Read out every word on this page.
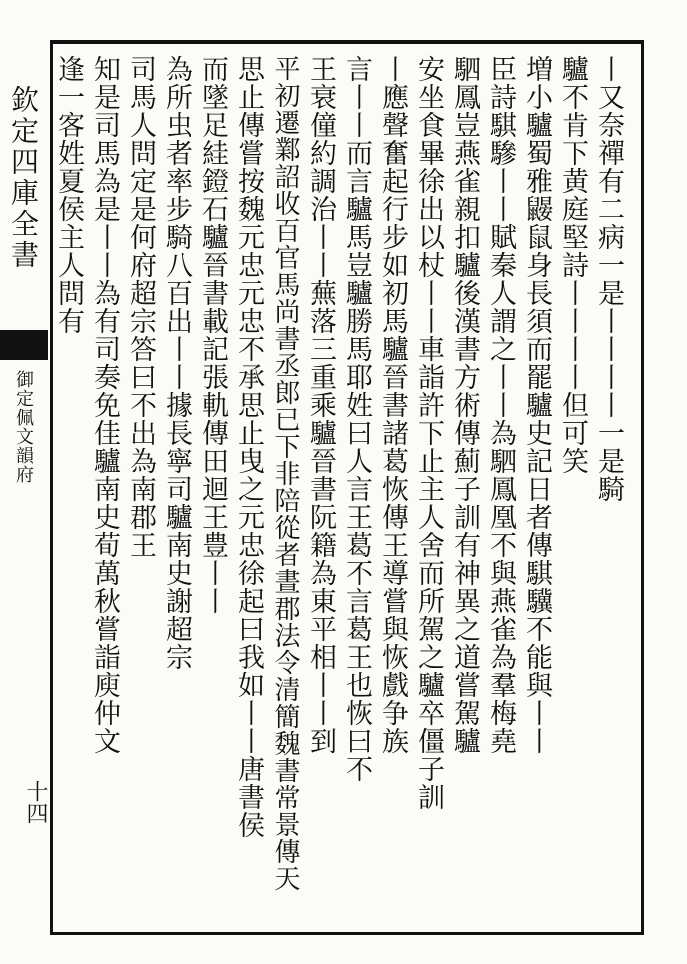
欽定四庫全書
御定佩文韻府
十四
丨又奈禪有二病一是丨丨丨丨一是騎
驢不肯下黄庭堅詩丨丨丨丨但可笑
増小驢蜀雅鼹鼠身長須而罷驢史記日者傳騏驥不能與丨丨
臣詩騏驂丨丨賦秦人謂之丨丨為駟鳳凰不與燕雀為羣梅堯
駟鳳豈燕雀親扣驢後漢書方術傳薊子訓有神異之道嘗駕驢
安坐食畢徐出以杖丨丨車詣許下止主人舍而所駕之驢卒僵子訓
丨應聲奮起行步如初馬驢晉書諸葛恢傳王導嘗與恢戲争族
言丨丨而言驢馬豈驢勝馬耶姓曰人言王葛不言葛王也恢曰不
王衰僮約調治丨丨蕪落三重乘驢晉書阮籍為東平相丨丨到
平初遷鄴詔收百官馬尚書丞郎已下非陪從者晝郡法令清簡魏書常景傳天
思止傳嘗按魏元忠元忠不承思止曳之元忠徐起曰我如丨丨唐書侯
而墜足絓鐙石驢晉書載記張軌傳田迴王豊丨丨
為所虫者率步騎八百出丨丨據長寧司驢南史謝超宗
司馬人問定是何府超宗答曰不出為南郡王
知是司馬為是丨丨為有司奏免佳驢南史荀萬秋嘗詣庾仲文
逢一客姓夏侯主人問有
